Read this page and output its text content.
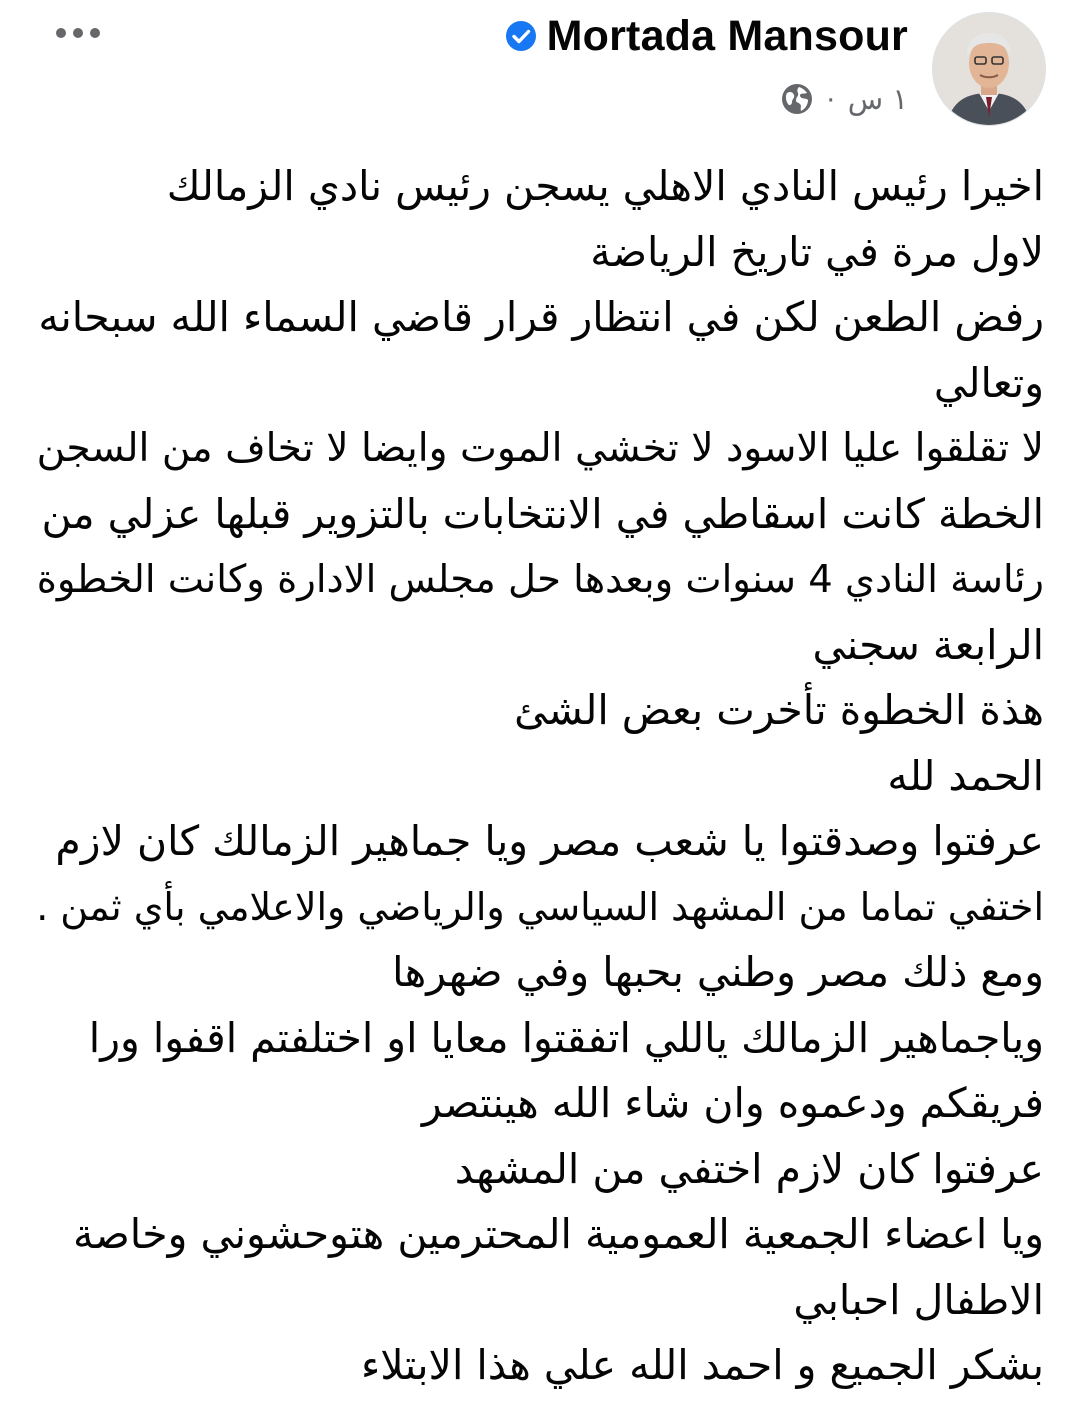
Mortada Mansour
· ١ س
اخيرا رئيس النادي الاهلي يسجن رئيس نادي الزمالك
لاول مرة في تاريخ الرياضة
رفض الطعن لكن في انتظار قرار قاضي السماء الله سبحانه
وتعالي
لا تقلقوا عليا الاسود لا تخشي الموت وايضا لا تخاف من السجن
الخطة كانت اسقاطي في الانتخابات بالتزوير قبلها عزلي من
رئاسة النادي 4 سنوات وبعدها حل مجلس الادارة وكانت الخطوة
الرابعة سجني
هذة الخطوة تأخرت بعض الشئ
الحمد لله
عرفتوا وصدقتوا يا شعب مصر ويا جماهير الزمالك كان لازم
اختفي تماما من المشهد السياسي والرياضي والاعلامي بأي ثمن .
ومع ذلك مصر وطني بحبها وفي ضهرها
وياجماهير الزمالك ياللي اتفقتوا معايا او اختلفتم اقفوا ورا
فريقكم ودعموه وان شاء الله هينتصر
عرفتوا كان لازم اختفي من المشهد
ويا اعضاء الجمعية العمومية المحترمين هتوحشوني وخاصة
الاطفال احبابي
بشكر الجميع و احمد الله علي هذا الابتلاء
